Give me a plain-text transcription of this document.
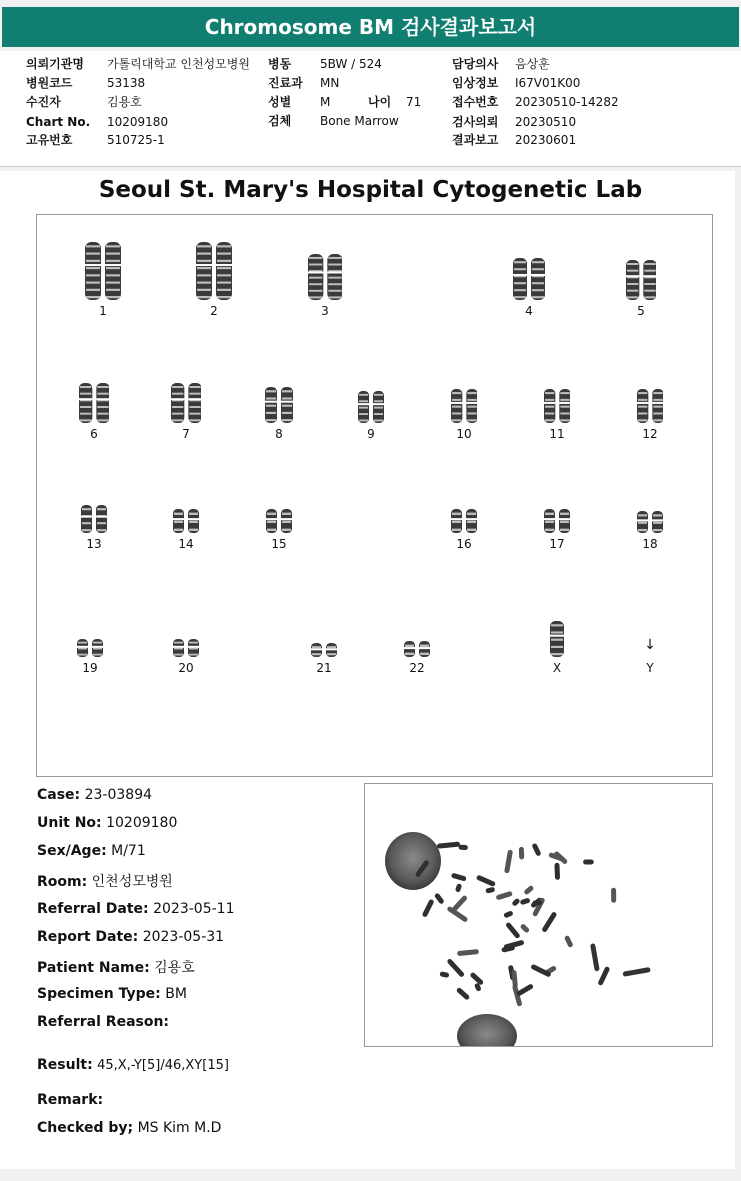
Chromosome BM 검사결과보고서
의뢰기관명 가톨릭대학교 인천성모병원
병원코드	53138
수진자	김용호
Chart No. 10209180
고유번호	510725-1
병동 5BW / 524
진료과 MN
성별 M	나이 71
검체 Bone Marrow
담당의사 음상훈
임상정보 I67V01K00
접수번호 20230510-14282
검사의뢰 20230510
결과보고 20230601
Seoul St. Mary's Hospital Cytogenetic Lab
1	2	3	4	5
6	7	8	9	10	11	12
13	14	15	16	17	18
19	20	21	22	X
↓
Y
Case: 23-03894
Unit No: 10209180
Sex/Age: M/71
Room: 인천성모병원
Referral Date: 2023-05-11
Report Date: 2023-05-31
Patient Name: 김용호
Specimen Type: BM
Referral Reason:
Result: 45,X,-Y[5]/46,XY[15]
Remark:
Checked by; MS Kim M.D
